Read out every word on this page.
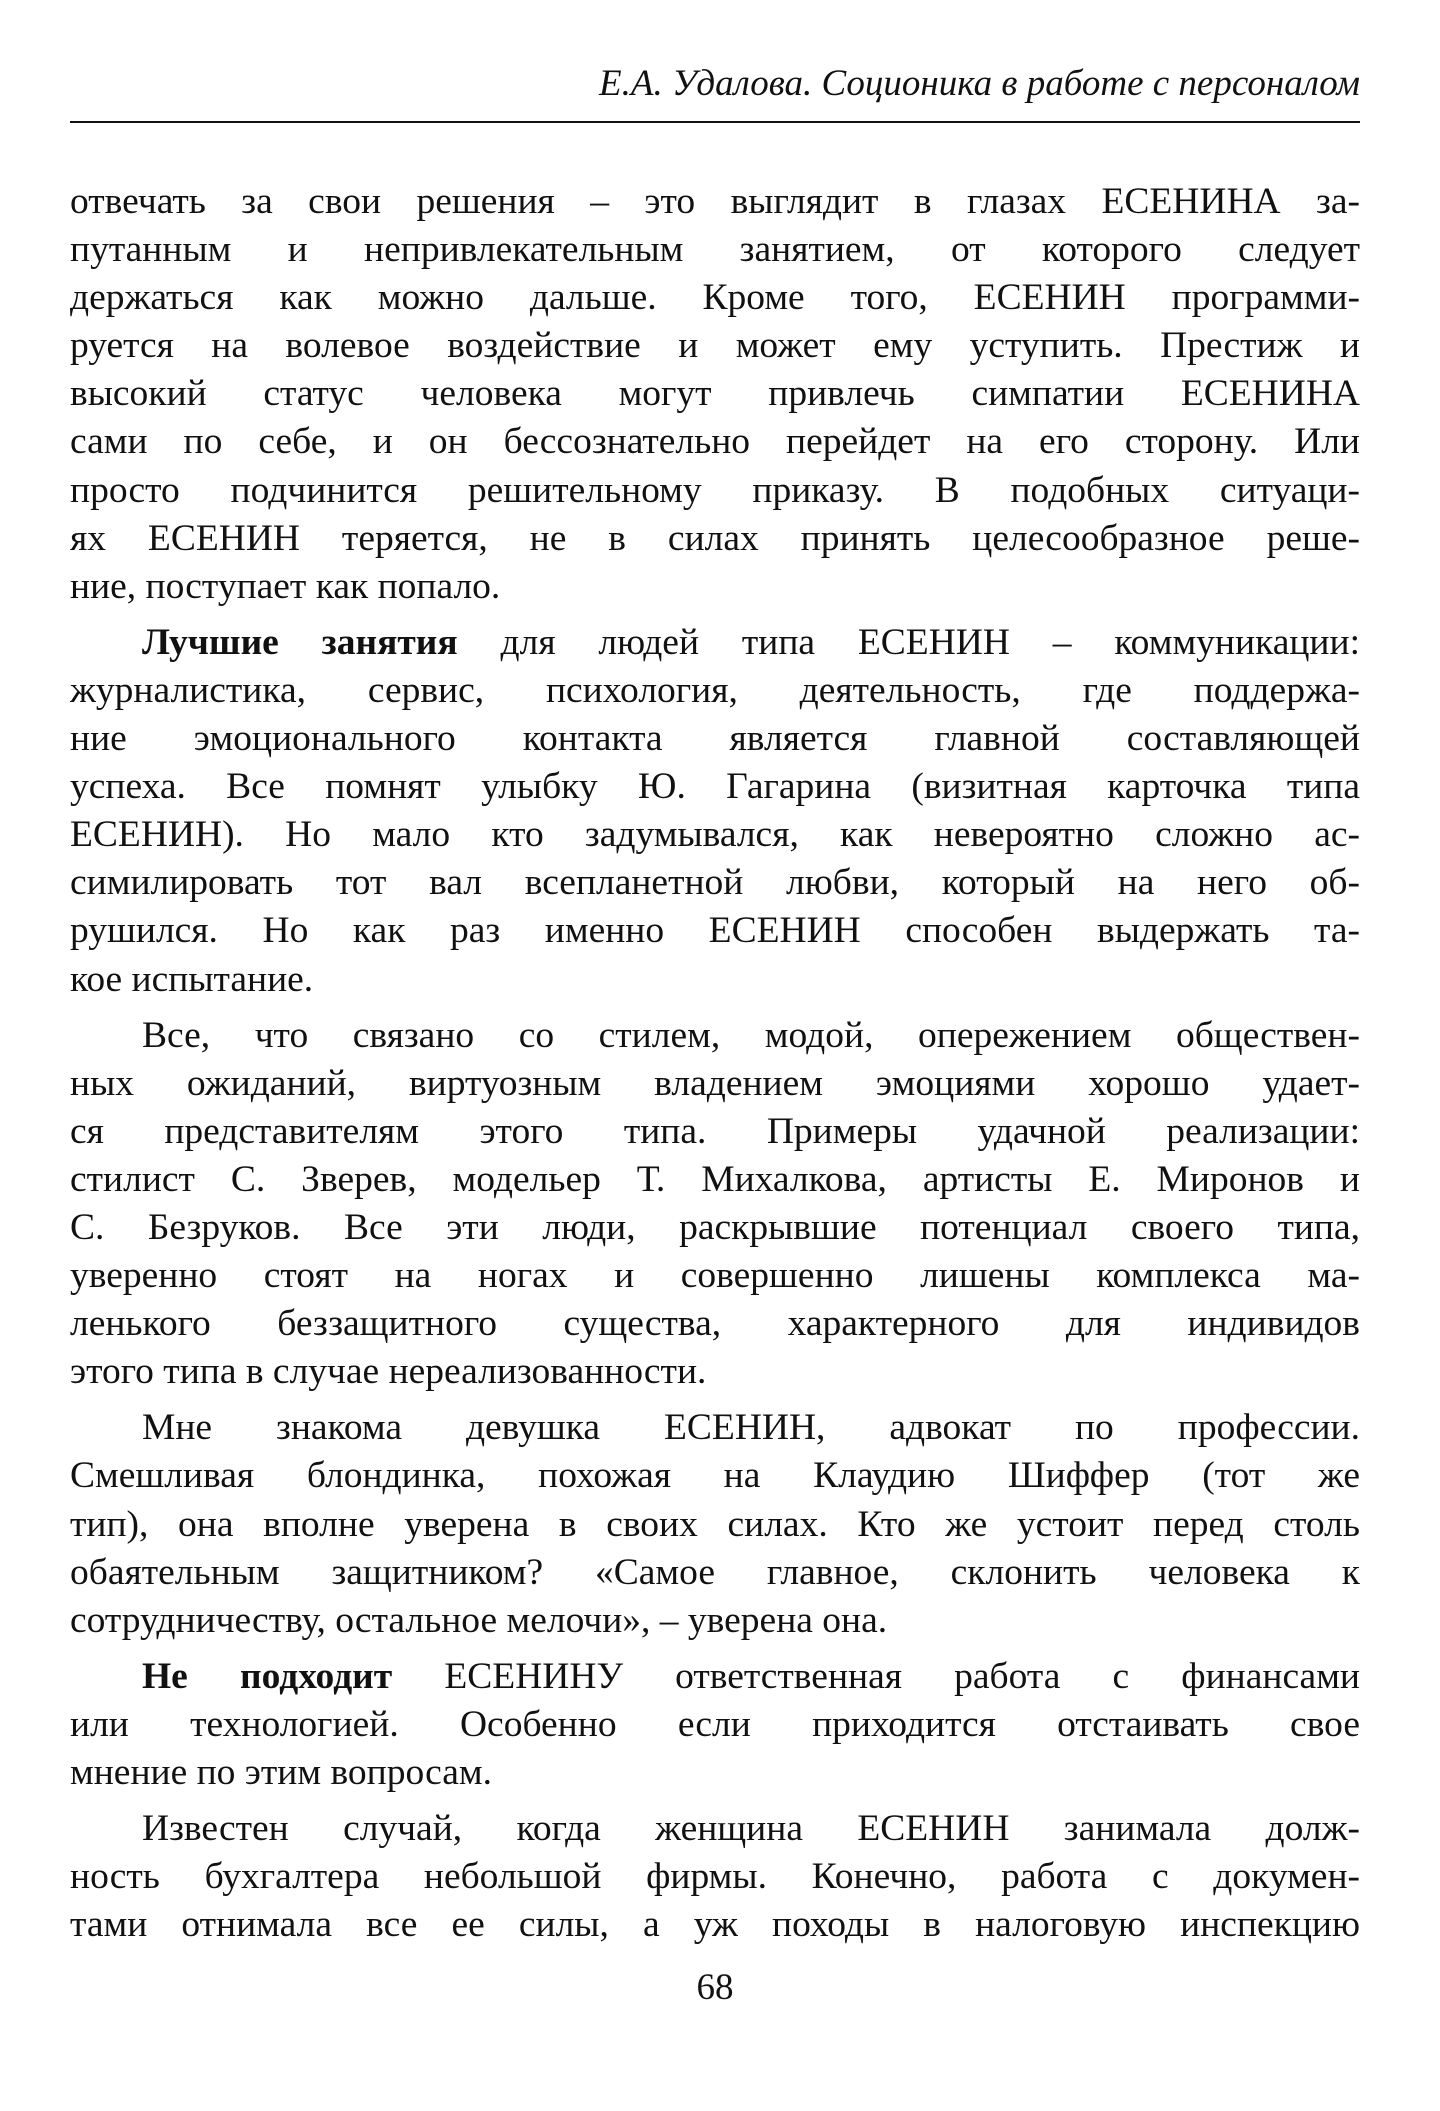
Е.А. Удалова. Соционика в работе с персоналом
отвечать за свои решения – это выглядит в глазах ЕСЕНИНА за-
путанным и непривлекательным занятием, от которого следует
держаться как можно дальше. Кроме того, ЕСЕНИН программи-
руется на волевое воздействие и может ему уступить. Престиж и
высокий статус человека могут привлечь симпатии ЕСЕНИНА
сами по себе, и он бессознательно перейдет на его сторону. Или
просто подчинится решительному приказу. В подобных ситуаци-
ях ЕСЕНИН теряется, не в силах принять целесообразное реше-
ние, поступает как попало.
Лучшие занятия для людей типа ЕСЕНИН – коммуникации:
журналистика, сервис, психология, деятельность, где поддержа-
ние эмоционального контакта является главной составляющей
успеха. Все помнят улыбку Ю. Гагарина (визитная карточка типа
ЕСЕНИН). Но мало кто задумывался, как невероятно сложно ас-
симилировать тот вал всепланетной любви, который на него об-
рушился. Но как раз именно ЕСЕНИН способен выдержать та-
кое испытание.
Все, что связано со стилем, модой, опережением обществен-
ных ожиданий, виртуозным владением эмоциями хорошо удает-
ся представителям этого типа. Примеры удачной реализации:
стилист С. Зверев, модельер Т. Михалкова, артисты Е. Миронов и
С. Безруков. Все эти люди, раскрывшие потенциал своего типа,
уверенно стоят на ногах и совершенно лишены комплекса ма-
ленького беззащитного существа, характерного для индивидов
этого типа в случае нереализованности.
Мне знакома девушка ЕСЕНИН, адвокат по профессии.
Смешливая блондинка, похожая на Клаудию Шиффер (тот же
тип), она вполне уверена в своих силах. Кто же устоит перед столь
обаятельным защитником? «Самое главное, склонить человека к
сотрудничеству, остальное мелочи», – уверена она.
Не подходит ЕСЕНИНУ ответственная работа с финансами
или технологией. Особенно если приходится отстаивать свое
мнение по этим вопросам.
Известен случай, когда женщина ЕСЕНИН занимала долж-
ность бухгалтера небольшой фирмы. Конечно, работа с докумен-
тами отнимала все ее силы, а уж походы в налоговую инспекцию
68
